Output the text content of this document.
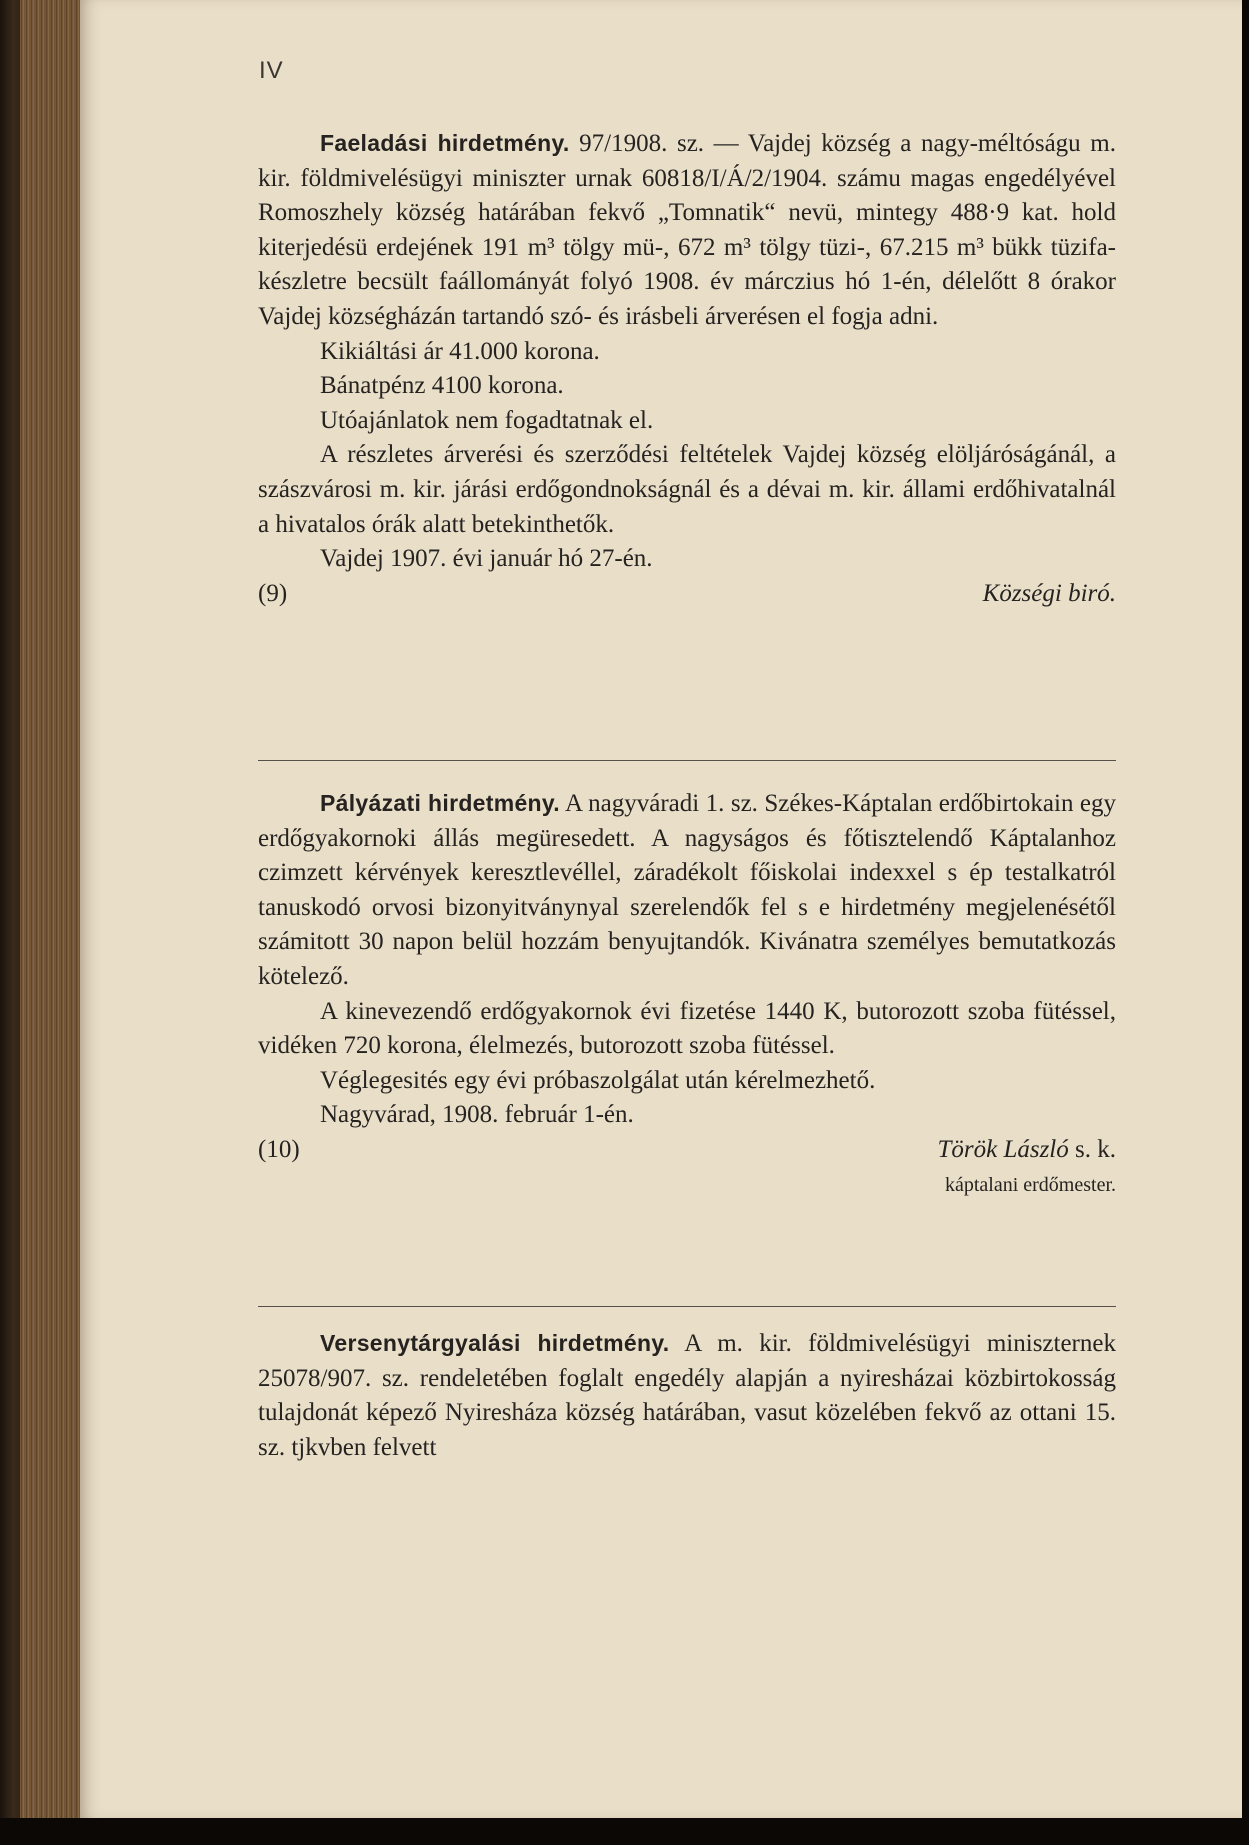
IV

Faeladási hirdetmény. 97/1908. sz. — Vajdej község a nagy-méltóságu m. kir. földmivelésügyi miniszter urnak 60818/I/Á/2/1904. számu magas engedélyével Romoszhely község határában fekvő „Tomnatik“ nevü, mintegy 488·9 kat. hold kiterjedésü erdejének 191 m³ tölgy mü-, 672 m³ tölgy tüzi-, 67.215 m³ bükk tüzifa-készletre becsült faállományát folyó 1908. év márczius hó 1-én, délelőtt 8 órakor Vajdej községházán tartandó szó- és irásbeli árverésen el fogja adni.

Kikiáltási ár 41.000 korona.

Bánatpénz 4100 korona.

Utóajánlatok nem fogadtatnak el.

A részletes árverési és szerződési feltételek Vajdej község elöljáróságánál, a szászvárosi m. kir. járási erdőgondnokságnál és a dévai m. kir. állami erdőhivatalnál a hivatalos órák alatt betekinthetők.

Vajdej 1907. évi január hó 27-én.

(9)	Községi biró.

Pályázati hirdetmény. A nagyváradi 1. sz. Székes-Káptalan erdőbirtokain egy erdőgyakornoki állás megüresedett. A nagyságos és főtisztelendő Káptalanhoz czimzett kérvények keresztlevéllel, záradékolt főiskolai indexxel s ép testalkatról tanuskodó orvosi bizonyitványnyal szerelendők fel s e hirdetmény megjelenésétől számitott 30 napon belül hozzám benyujtandók. Kivánatra személyes bemutatkozás kötelező.

A kinevezendő erdőgyakornok évi fizetése 1440 K, butorozott szoba fütéssel, vidéken 720 korona, élelmezés, butorozott szoba fütéssel.

Véglegesités egy évi próbaszolgálat után kérelmezhető.

Nagyvárad, 1908. február 1-én.

(10)	Török László s. k.

káptalani erdőmester.

Versenytárgyalási hirdetmény. A m. kir. földmivelésügyi miniszternek 25078/907. sz. rendeletében foglalt engedély alapján a nyiresházai közbirtokosság tulajdonát képező Nyiresháza község határában, vasut közelében fekvő az ottani 15. sz. tjkvben felvett
